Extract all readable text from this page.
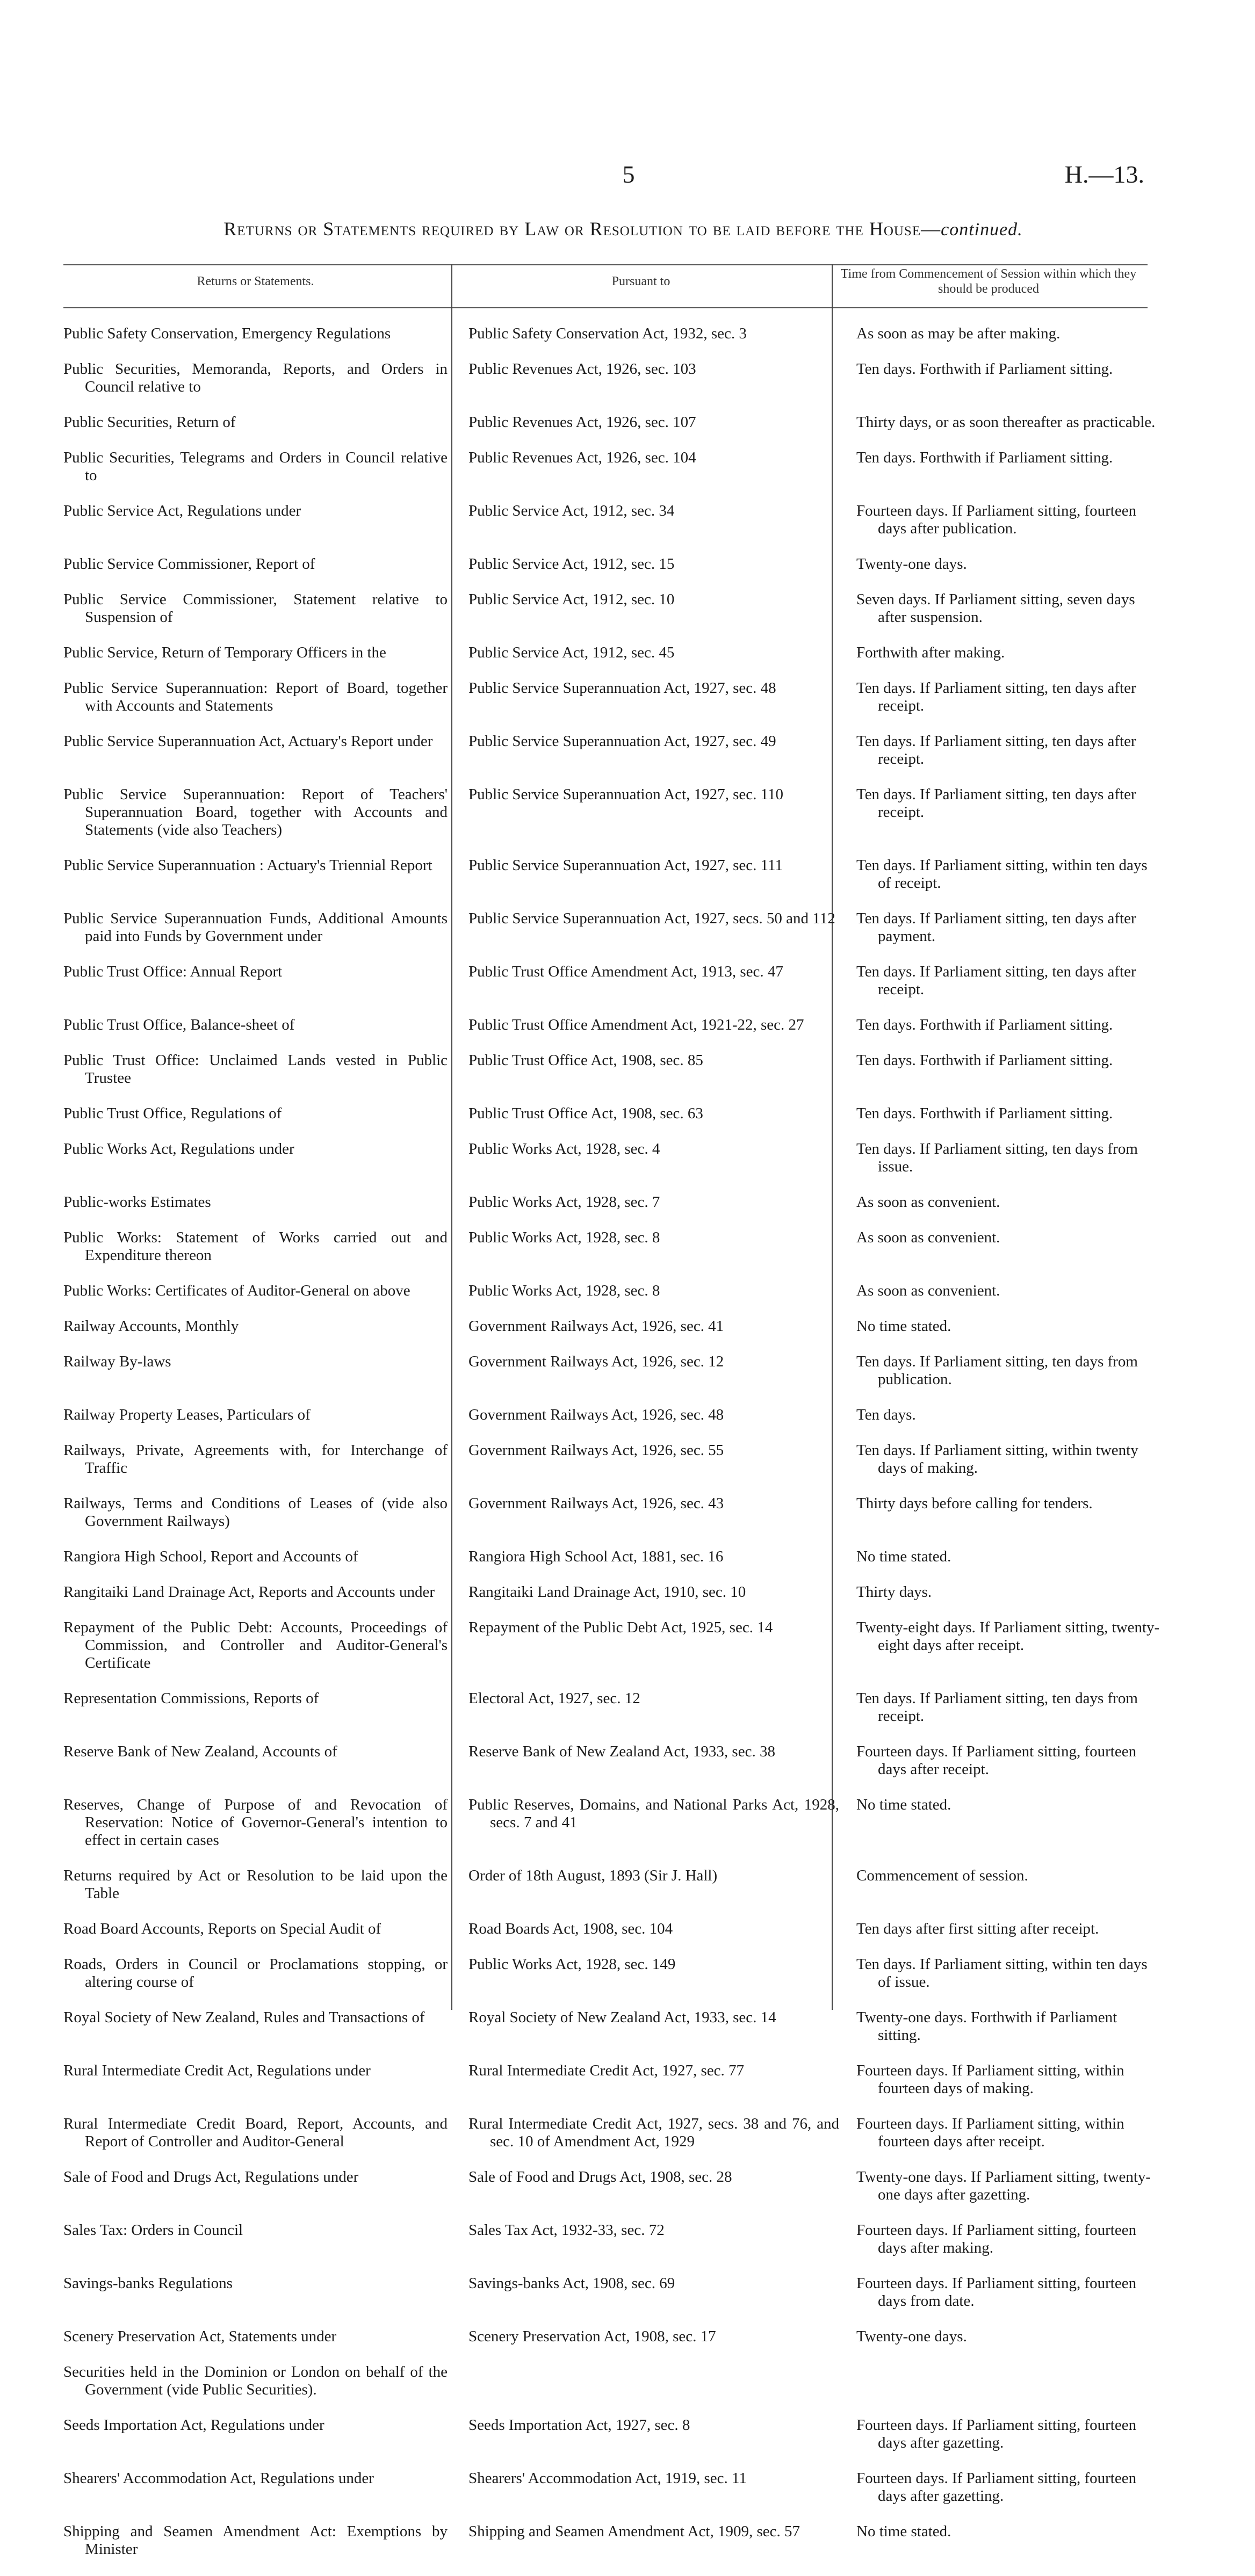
5	H.—13.
Returns or Statements required by Law or Resolution to be laid before the House—continued.
Returns or Statements.	Pursuant to
Time from Commencement of Session within which they should be produced
Public Safety Conservation, Emergency Regulations	Public Safety Conservation Act, 1932, sec. 3	As soon as may be after making.

Public Securities, Memoranda, Reports, and Orders in Council relative to	Public Revenues Act, 1926, sec. 103	Ten days. Forthwith if Parliament sitting.

Public Securities, Return of	Public Revenues Act, 1926, sec. 107	Thirty days, or as soon thereafter as practicable.

Public Securities, Telegrams and Orders in Council relative to	Public Revenues Act, 1926, sec. 104	Ten days. Forthwith if Parliament sitting.

Public Service Act, Regulations under	Public Service Act, 1912, sec. 34	Fourteen days. If Parliament sitting, fourteen days after publication.

Public Service Commissioner, Report of	Public Service Act, 1912, sec. 15	Twenty-one days.

Public Service Commissioner, Statement relative to Suspension of	Public Service Act, 1912, sec. 10	Seven days. If Parliament sitting, seven days after suspension.

Public Service, Return of Temporary Officers in the	Public Service Act, 1912, sec. 45	Forthwith after making.

Public Service Superannuation: Report of Board, together with Accounts and Statements	Public Service Superannuation Act, 1927, sec. 48	Ten days. If Parliament sitting, ten days after receipt.

Public Service Superannuation Act, Actuary's Report under	Public Service Superannuation Act, 1927, sec. 49	Ten days. If Parliament sitting, ten days after receipt.

Public Service Superannuation: Report of Teachers' Superannuation Board, together with Accounts and Statements (vide also Teachers)	Public Service Superannuation Act, 1927, sec. 110	Ten days. If Parliament sitting, ten days after receipt.

Public Service Superannuation : Actuary's Triennial Report	Public Service Superannuation Act, 1927, sec. 111	Ten days. If Parliament sitting, within ten days of receipt.

Public Service Superannuation Funds, Additional Amounts paid into Funds by Government under	Public Service Superannuation Act, 1927, secs. 50 and 112	Ten days. If Parliament sitting, ten days after payment.

Public Trust Office: Annual Report	Public Trust Office Amendment Act, 1913, sec. 47	Ten days. If Parliament sitting, ten days after receipt.

Public Trust Office, Balance-sheet of	Public Trust Office Amendment Act, 1921-22, sec. 27	Ten days. Forthwith if Parliament sitting.

Public Trust Office: Unclaimed Lands vested in Public Trustee	Public Trust Office Act, 1908, sec. 85	Ten days. Forthwith if Parliament sitting.

Public Trust Office, Regulations of	Public Trust Office Act, 1908, sec. 63	Ten days. Forthwith if Parliament sitting.

Public Works Act, Regulations under	Public Works Act, 1928, sec. 4	Ten days. If Parliament sitting, ten days from issue.

Public-works Estimates	Public Works Act, 1928, sec. 7	As soon as convenient.

Public Works: Statement of Works carried out and Expenditure thereon	Public Works Act, 1928, sec. 8	As soon as convenient.

Public Works: Certificates of Auditor-General on above	Public Works Act, 1928, sec. 8	As soon as convenient.

Railway Accounts, Monthly	Government Railways Act, 1926, sec. 41	No time stated.

Railway By-laws	Government Railways Act, 1926, sec. 12	Ten days. If Parliament sitting, ten days from publication.

Railway Property Leases, Particulars of	Government Railways Act, 1926, sec. 48	Ten days.

Railways, Private, Agreements with, for Interchange of Traffic	Government Railways Act, 1926, sec. 55	Ten days. If Parliament sitting, within twenty days of making.

Railways, Terms and Conditions of Leases of (vide also Government Railways)	Government Railways Act, 1926, sec. 43	Thirty days before calling for tenders.

Rangiora High School, Report and Accounts of	Rangiora High School Act, 1881, sec. 16	No time stated.

Rangitaiki Land Drainage Act, Reports and Accounts under	Rangitaiki Land Drainage Act, 1910, sec. 10	Thirty days.

Repayment of the Public Debt: Accounts, Proceedings of Commission, and Controller and Auditor-General's Certificate	Repayment of the Public Debt Act, 1925, sec. 14	Twenty-eight days. If Parliament sitting, twenty-eight days after receipt.

Representation Commissions, Reports of	Electoral Act, 1927, sec. 12	Ten days. If Parliament sitting, ten days from receipt.

Reserve Bank of New Zealand, Accounts of	Reserve Bank of New Zealand Act, 1933, sec. 38	Fourteen days. If Parliament sitting, fourteen days after receipt.

Reserves, Change of Purpose of and Revocation of Reservation: Notice of Governor-General's intention to effect in certain cases	Public Reserves, Domains, and National Parks Act, 1928, secs. 7 and 41	No time stated.

Returns required by Act or Resolution to be laid upon the Table	Order of 18th August, 1893 (Sir J. Hall)	Commencement of session.

Road Board Accounts, Reports on Special Audit of	Road Boards Act, 1908, sec. 104	Ten days after first sitting after receipt.

Roads, Orders in Council or Proclamations stopping, or altering course of	Public Works Act, 1928, sec. 149	Ten days. If Parliament sitting, within ten days of issue.

Royal Society of New Zealand, Rules and Transactions of	Royal Society of New Zealand Act, 1933, sec. 14	Twenty-one days. Forthwith if Parliament sitting.

Rural Intermediate Credit Act, Regulations under	Rural Intermediate Credit Act, 1927, sec. 77	Fourteen days. If Parliament sitting, within fourteen days of making.

Rural Intermediate Credit Board, Report, Accounts, and Report of Controller and Auditor-General	Rural Intermediate Credit Act, 1927, secs. 38 and 76, and sec. 10 of Amendment Act, 1929	Fourteen days. If Parliament sitting, within fourteen days after receipt.

Sale of Food and Drugs Act, Regulations under	Sale of Food and Drugs Act, 1908, sec. 28	Twenty-one days. If Parliament sitting, twenty-one days after gazetting.

Sales Tax: Orders in Council	Sales Tax Act, 1932-33, sec. 72	Fourteen days. If Parliament sitting, fourteen days after making.

Savings-banks Regulations	Savings-banks Act, 1908, sec. 69	Fourteen days. If Parliament sitting, fourteen days from date.

Scenery Preservation Act, Statements under	Scenery Preservation Act, 1908, sec. 17	Twenty-one days.

Securities held in the Dominion or London on behalf of the Government (vide Public Securities).		

Seeds Importation Act, Regulations under	Seeds Importation Act, 1927, sec. 8	Fourteen days. If Parliament sitting, fourteen days after gazetting.

Shearers' Accommodation Act, Regulations under	Shearers' Accommodation Act, 1919, sec. 11	Fourteen days. If Parliament sitting, fourteen days after gazetting.

Shipping and Seamen Amendment Act: Exemptions by Minister	Shipping and Seamen Amendment Act, 1909, sec. 57	No time stated.
